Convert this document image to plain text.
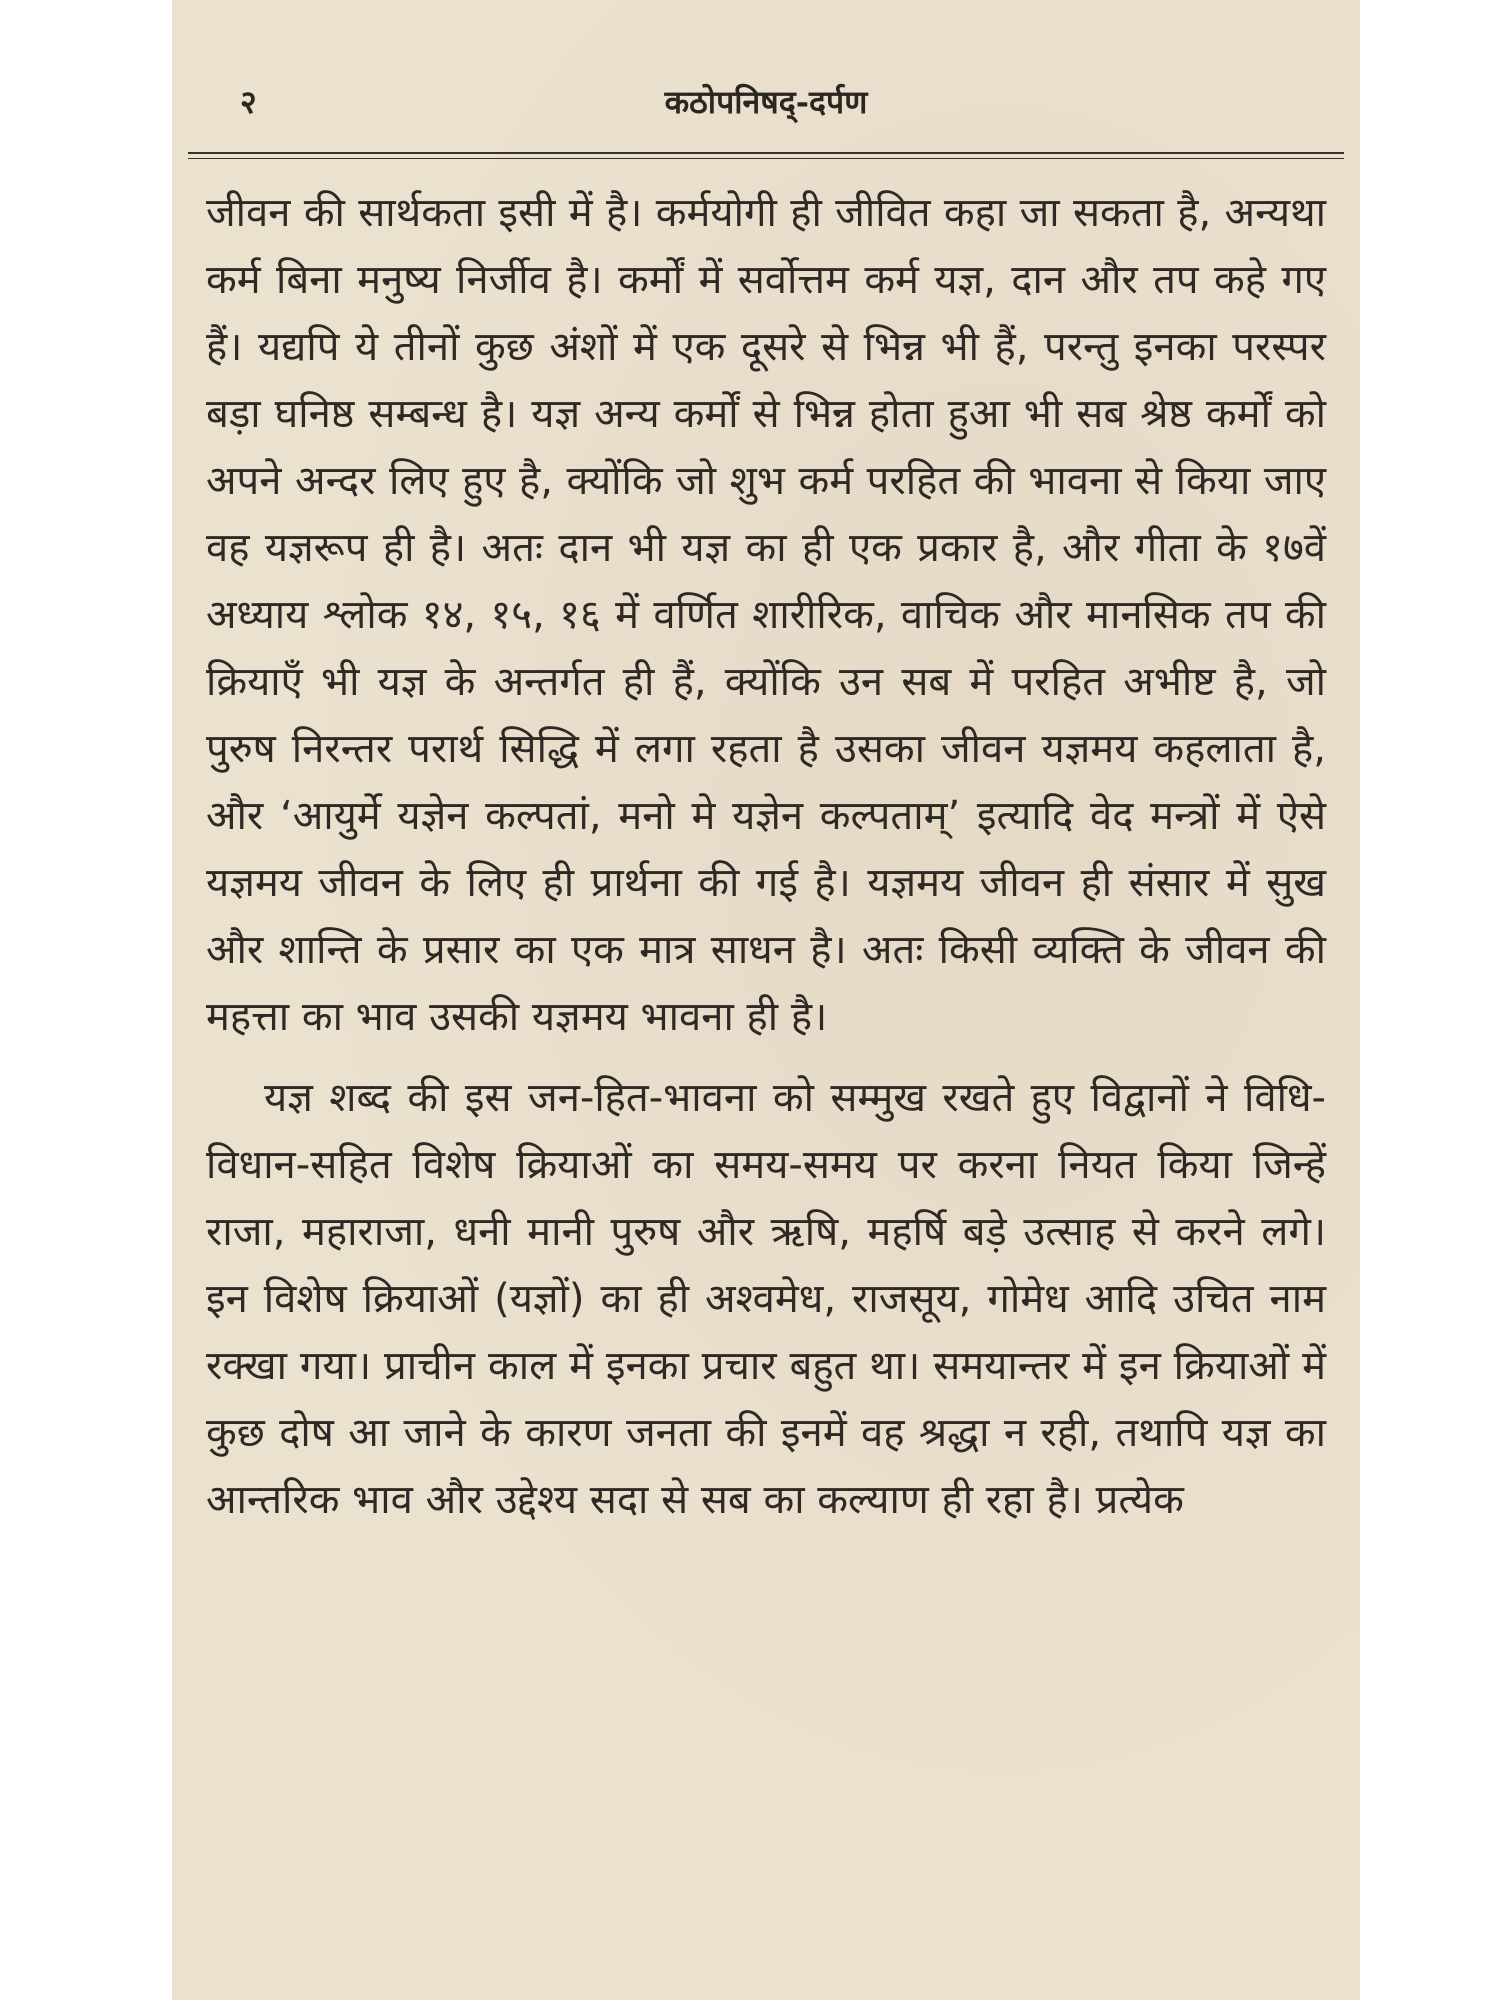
२	कठोपनिषद्-दर्पण

जीवन की सार्थकता इसी में है। कर्मयोगी ही जीवित कहा जा सकता है, अन्यथा कर्म बिना मनुष्य निर्जीव है। कर्मों में सर्वोत्तम कर्म यज्ञ, दान और तप कहे गए हैं। यद्यपि ये तीनों कुछ अंशों में एक दूसरे से भिन्न भी हैं, परन्तु इनका परस्पर बड़ा घनिष्ठ सम्बन्ध है। यज्ञ अन्य कर्मों से भिन्न होता हुआ भी सब श्रेष्ठ कर्मों को अपने अन्दर लिए हुए है, क्योंकि जो शुभ कर्म परहित की भावना से किया जाए वह यज्ञरूप ही है। अतः दान भी यज्ञ का ही एक प्रकार है, और गीता के १७वें अध्याय श्लोक १४, १५, १६ में वर्णित शारीरिक, वाचिक और मानसिक तप की क्रियाएँ भी यज्ञ के अन्तर्गत ही हैं, क्योंकि उन सब में परहित अभीष्ट है, जो पुरुष निरन्तर परार्थ सिद्धि में लगा रहता है उसका जीवन यज्ञमय कहलाता है, और ‘आयुर्मे यज्ञेन कल्पतां, मनो मे यज्ञेन कल्पताम्’ इत्यादि वेद मन्त्रों में ऐसे यज्ञमय जीवन के लिए ही प्रार्थना की गई है। यज्ञमय जीवन ही संसार में सुख और शान्ति के प्रसार का एक मात्र साधन है। अतः किसी व्यक्ति के जीवन की महत्ता का भाव उसकी यज्ञमय भावना ही है।

यज्ञ शब्द की इस जन-हित-भावना को सम्मुख रखते हुए विद्वानों ने विधि-विधान-सहित विशेष क्रियाओं का समय-समय पर करना नियत किया जिन्हें राजा, महाराजा, धनी मानी पुरुष और ऋषि, महर्षि बड़े उत्साह से करने लगे। इन विशेष क्रियाओं (यज्ञों) का ही अश्वमेध, राजसूय, गोमेध आदि उचित नाम रक्खा गया। प्राचीन काल में इनका प्रचार बहुत था। समयान्तर में इन क्रियाओं में कुछ दोष आ जाने के कारण जनता की इनमें वह श्रद्धा न रही, तथापि यज्ञ का आन्तरिक भाव और उद्देश्य सदा से सब का कल्याण ही रहा है। प्रत्येक
